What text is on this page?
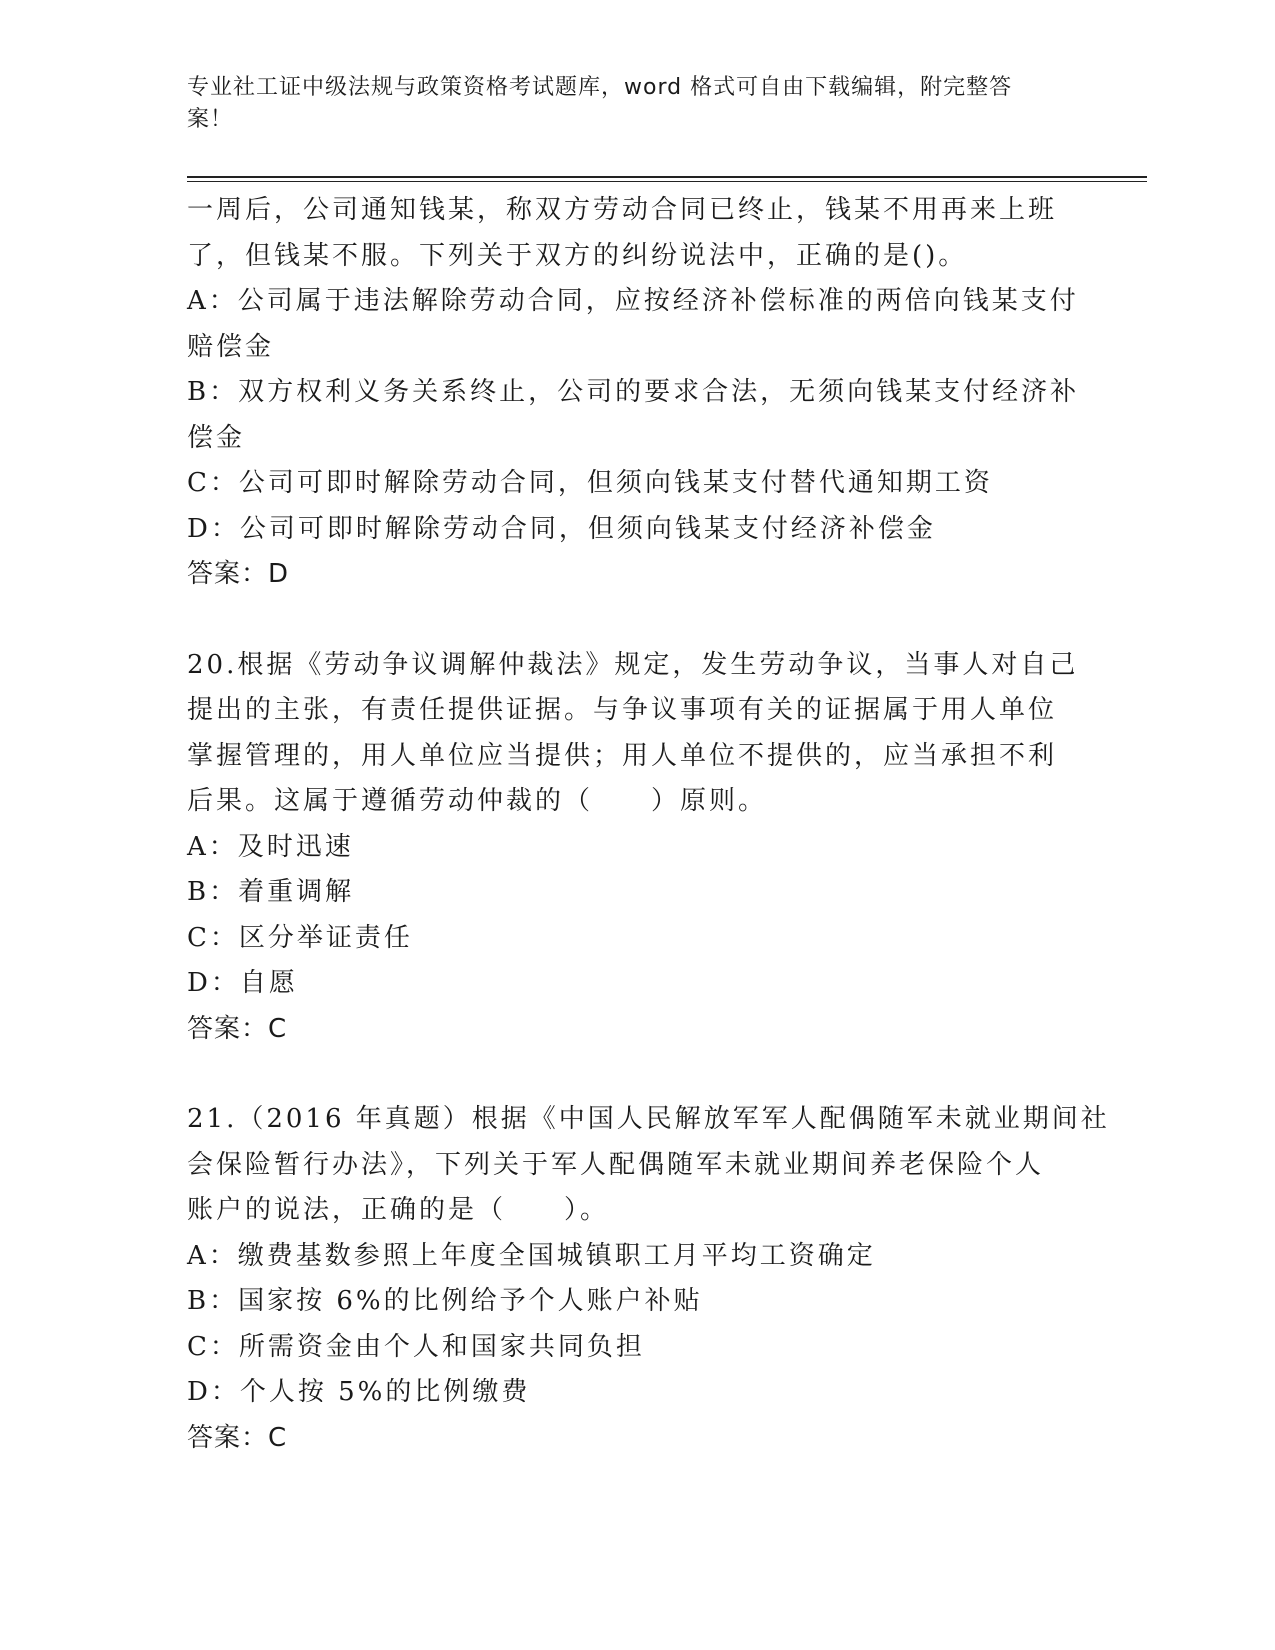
专业社工证中级法规与政策资格考试题库，word 格式可自由下载编辑，附完整答
案！
一周后，公司通知钱某，称双方劳动合同已终止，钱某不用再来上班
了，但钱某不服。下列关于双方的纠纷说法中，正确的是()。
A：公司属于违法解除劳动合同，应按经济补偿标准的两倍向钱某支付
赔偿金
B：双方权利义务关系终止，公司的要求合法，无须向钱某支付经济补
偿金
C：公司可即时解除劳动合同，但须向钱某支付替代通知期工资
D：公司可即时解除劳动合同，但须向钱某支付经济补偿金
答案：D
20.根据《劳动争议调解仲裁法》规定，发生劳动争议，当事人对自己
提出的主张，有责任提供证据。与争议事项有关的证据属于用人单位
掌握管理的，用人单位应当提供；用人单位不提供的，应当承担不利
后果。这属于遵循劳动仲裁的（　　）原则。
A：及时迅速
B：着重调解
C：区分举证责任
D：自愿
答案：C
21.（2016 年真题）根据《中国人民解放军军人配偶随军未就业期间社
会保险暂行办法》，下列关于军人配偶随军未就业期间养老保险个人
账户的说法，正确的是（　　）。
A：缴费基数参照上年度全国城镇职工月平均工资确定
B：国家按 6%的比例给予个人账户补贴
C：所需资金由个人和国家共同负担
D：个人按 5%的比例缴费
答案：C
